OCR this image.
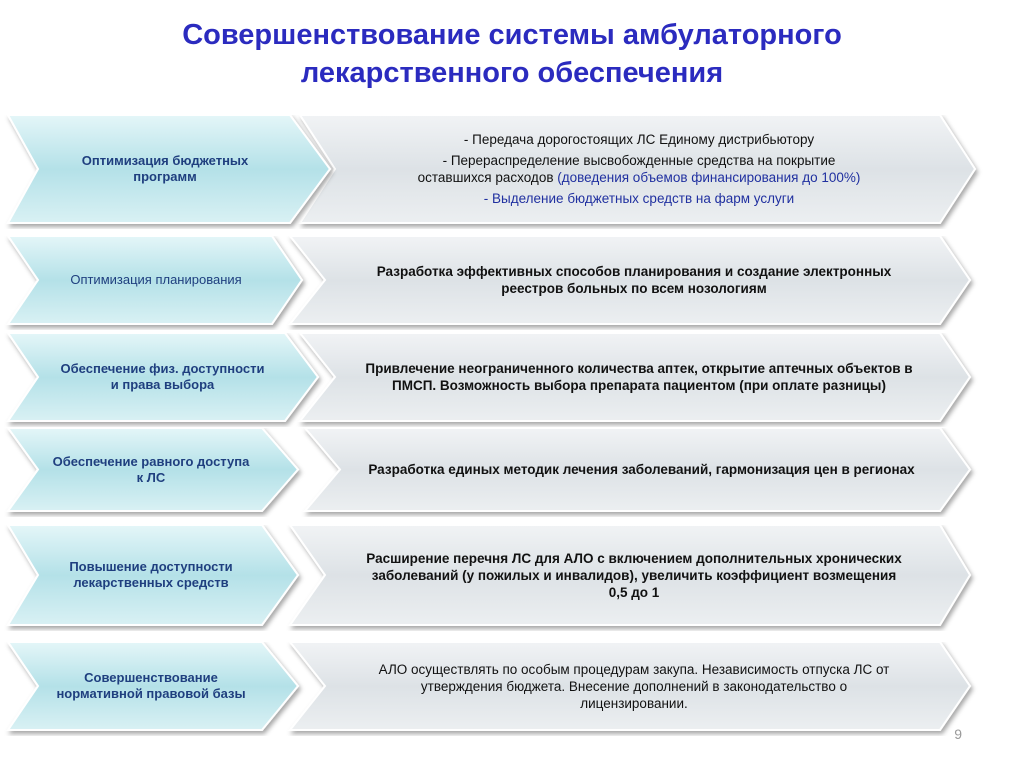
Совершенствование системы амбулаторного
лекарственного обеспечения
Оптимизация бюджетных
программ
- Передача дорогостоящих ЛС Единому дистрибьютору
- Перераспределение высвобожденные средства на покрытие
оставшихся расходов (доведения объемов финансирования до 100%)
- Выделение бюджетных средств на фарм услуги
Оптимизация планирования
Разработка эффективных способов планирования и создание электронных
реестров больных по всем нозологиям
Обеспечение физ. доступности
и права выбора
Привлечение неограниченного количества аптек, открытие аптечных объектов в
ПМСП. Возможность выбора препарата пациентом (при оплате разницы)
Обеспечение равного доступа
к ЛС	Разработка единых методик лечения заболеваний, гармонизация цен в регионах
Повышение доступности
лекарственных средств
Расширение перечня ЛС для АЛО с включением дополнительных хронических
заболеваний (у пожилых и инвалидов), увеличить коэффициент возмещения
0,5 до 1
Совершенствование
нормативной правовой базы
АЛО осуществлять по особым процедурам закупа. Независимость отпуска ЛС от
утверждения бюджета. Внесение дополнений в законодательство о
лицензировании.
9
